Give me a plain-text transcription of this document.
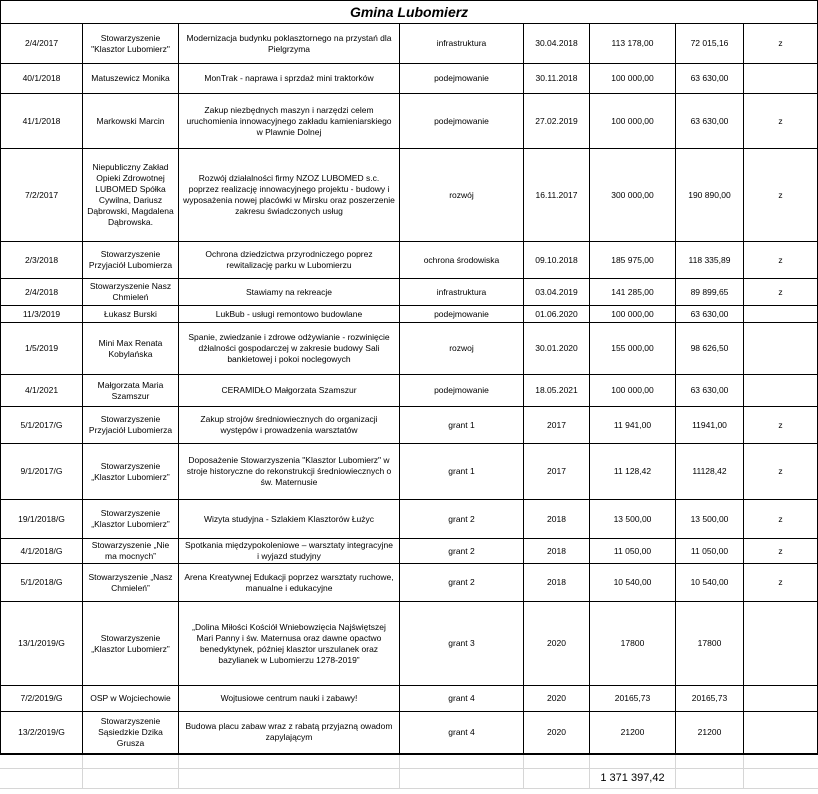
Gmina Lubomierz							
2/4/2017	Stowarzyszenie "Klasztor Lubomierz"	Modernizacja budynku poklasztornego na przystań dla Pielgrzyma	infrastruktura	30.04.2018	113 178,00	72 015,16	z
40/1/2018	Matuszewicz Monika	MonTrak - naprawa i sprzdaż mini traktorków	podejmowanie	30.11.2018	100 000,00	63 630,00	
41/1/2018	Markowski Marcin	Zakup niezbędnych maszyn i narzędzi celem uruchomienia innowacyjnego zakładu kamieniarskiego w Plawnie Dolnej	podejmowanie	27.02.2019	100 000,00	63 630,00	z
7/2/2017	Niepubliczny Zakład Opieki Zdrowotnej LUBOMED Spółka Cywilna, Dariusz Dąbrowski, Magdalena Dąbrowska.	Rozwój działalności firmy NZOZ LUBOMED s.c. poprzez realizację innowacyjnego projektu - budowy i wyposażenia nowej placówki w Mirsku oraz poszerzenie zakresu świadczonych usług	rozwój	16.11.2017	300 000,00	190 890,00	z
2/3/2018	Stowarzyszenie Przyjaciół Lubomierza	Ochrona dziedzictwa przyrodniczego poprez rewitalizację parku w Lubomierzu	ochrona środowiska	09.10.2018	185 975,00	118 335,89	z
2/4/2018	Stowarzyszenie Nasz Chmieleń	Stawiamy na rekreacje	infrastruktura	03.04.2019	141 285,00	89 899,65	z
11/3/2019	Łukasz Burski	LukBub - usługi remontowo budowlane	podejmowanie	01.06.2020	100 000,00	63 630,00	
1/5/2019	Mini Max Renata Kobylańska	Spanie, zwiedzanie i zdrowe odżywianie - rozwinięcie dżłalności gospodarczej w zakresie budowy Sali bankietowej i pokoi noclegowych	rozwoj	30.01.2020	155 000,00	98 626,50	
4/1/2021	Małgorzata Maria Szamszur	CERAMIDŁO Małgorzata Szamszur	podejmowanie	18.05.2021	100 000,00	63 630,00	
5/1/2017/G	Stowarzyszenie Przyjaciół Lubomierza	Zakup strojów średniowiecznych do organizacji występów i prowadzenia warsztatów	grant 1	2017	11 941,00	11941,00	z
9/1/2017/G	Stowarzyszenie „Klasztor Lubomierz”	Doposażenie Stowarzyszenia "Klasztor Lubomierz" w stroje historyczne do rekonstrukcji średniowiecznych o św. Maternusie	grant 1	2017	11 128,42	11128,42	z
19/1/2018/G	Stowarzyszenie „Klasztor Lubomierz”	Wizyta studyjna - Szlakiem Klasztorów Łużyc	grant 2	2018	13 500,00	13 500,00	z
4/1/2018/G	Stowarzyszenie „Nie ma mocnych”	Spotkania międzypokoleniowe – warsztaty integracyjne i wyjazd studyjny	grant 2	2018	11 050,00	11 050,00	z
5/1/2018/G	Stowarzyszenie „Nasz Chmieleń”	Arena Kreatywnej Edukacji poprzez warsztaty ruchowe, manualne i edukacyjne	grant 2	2018	10 540,00	10 540,00	z
13/1/2019/G	Stowarzyszenie „Klasztor Lubomierz”	„Dolina Miłości Kościół Wniebowzięcia Najświętszej Mari Panny i św. Maternusa oraz dawne opactwo benedyktynek, później klasztor urszulanek oraz bazylianek w Lubomierzu 1278-2019”	grant 3	2020	17800	17800	
7/2/2019/G	OSP w Wojciechowie	Wojtusiowe centrum nauki i zabawy!	grant 4	2020	20165,73	20165,73	
13/2/2019/G	Stowarzyszenie Sąsiedzkie Dzika Grusza	Budowa placu zabaw wraz z rabatą przyjazną owadom zapylającym	grant 4	2020	21200	21200	

					1 371 397,42		
